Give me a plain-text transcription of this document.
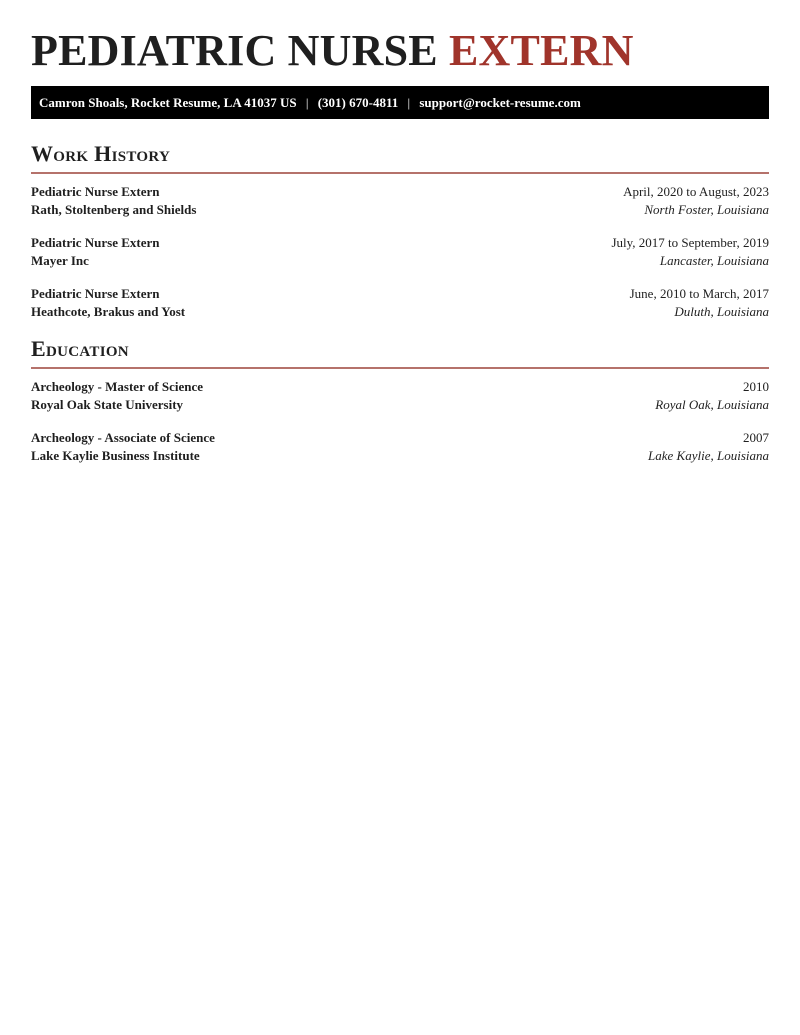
PEDIATRIC NURSE EXTERN
Camron Shoals, Rocket Resume, LA 41037 US | (301) 670-4811 | support@rocket-resume.com
Work History
Pediatric Nurse Extern	April, 2020 to August, 2023
Rath, Stoltenberg and Shields	North Foster, Louisiana
Pediatric Nurse Extern	July, 2017 to September, 2019
Mayer Inc	Lancaster, Louisiana
Pediatric Nurse Extern	June, 2010 to March, 2017
Heathcote, Brakus and Yost	Duluth, Louisiana
Education
Archeology - Master of Science	2010
Royal Oak State University	Royal Oak, Louisiana
Archeology - Associate of Science	2007
Lake Kaylie Business Institute	Lake Kaylie, Louisiana
